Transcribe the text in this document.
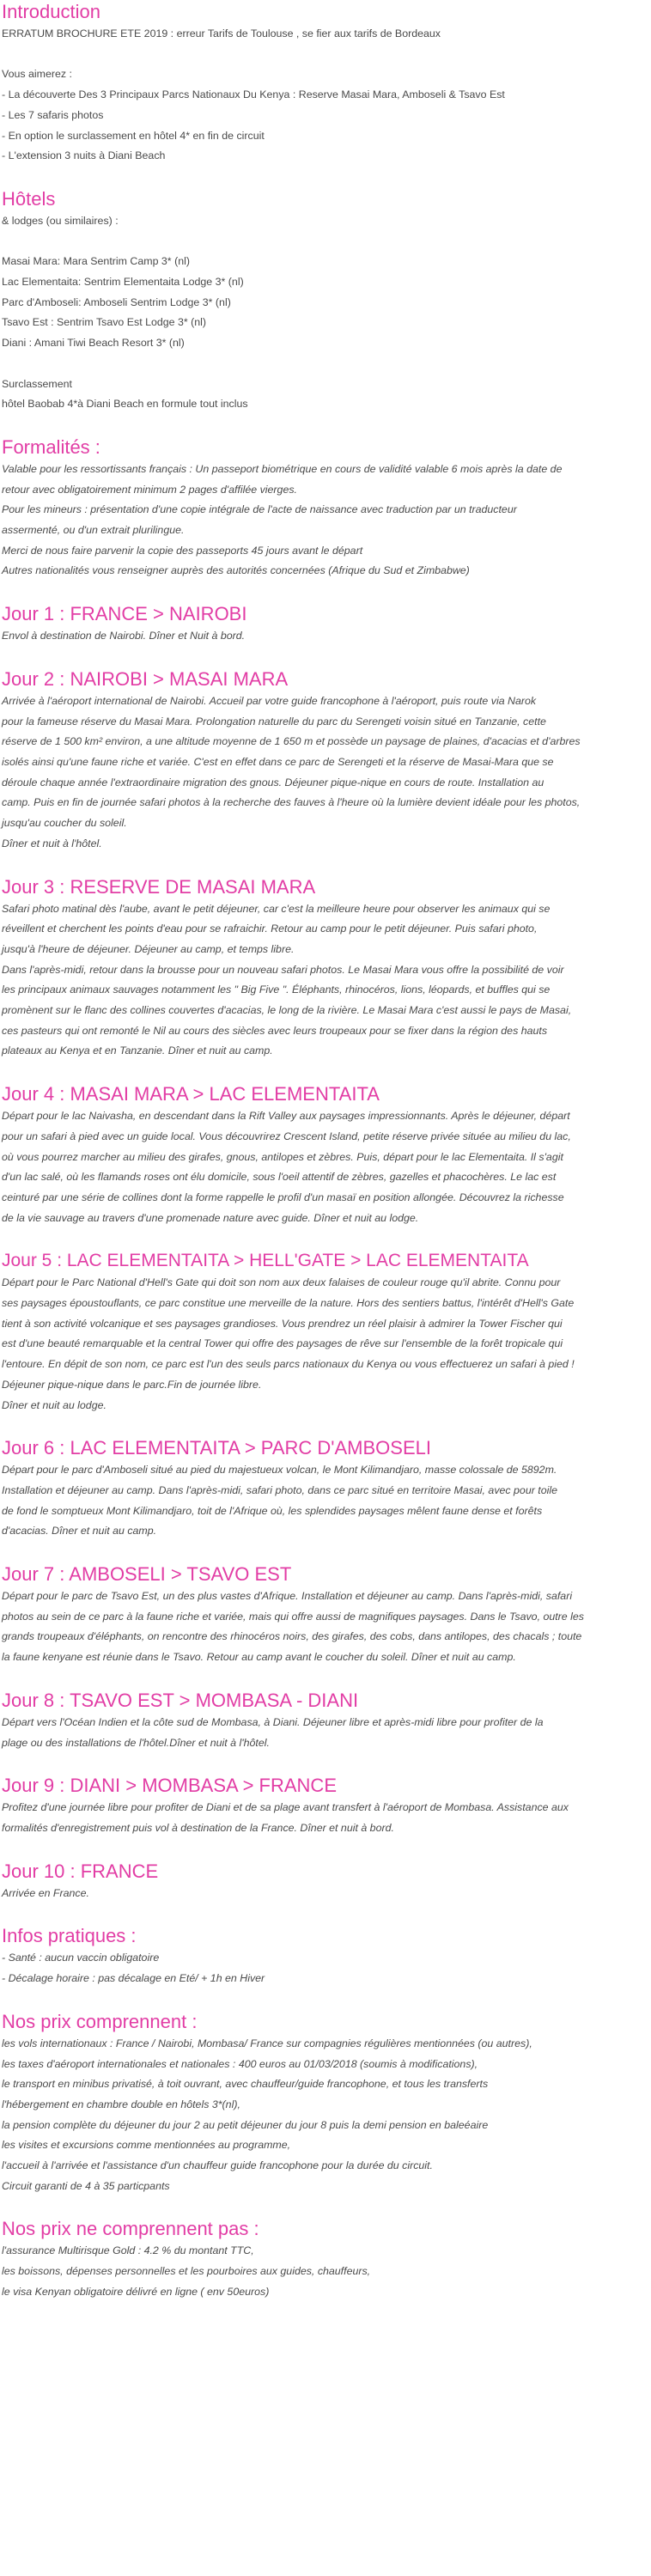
Introduction
ERRATUM BROCHURE ETE 2019 : erreur Tarifs de Toulouse , se fier aux tarifs de Bordeaux

Vous aimerez :
- La découverte Des 3 Principaux Parcs Nationaux Du Kenya : Reserve Masai Mara, Amboseli & Tsavo Est
- Les 7 safaris photos
- En option le surclassement en hôtel 4* en fin de circuit
- L'extension 3 nuits à Diani Beach
Hôtels
& lodges (ou similaires) :

Masai Mara: Mara Sentrim Camp 3* (nl)
Lac Elementaita: Sentrim Elementaita Lodge 3* (nl)
Parc d'Amboseli: Amboseli Sentrim Lodge 3* (nl)
Tsavo Est : Sentrim Tsavo Est Lodge 3* (nl)
Diani : Amani Tiwi Beach Resort 3* (nl)

Surclassement
hôtel Baobab 4*à Diani Beach en formule tout inclus
Formalités :
Valable pour les ressortissants français : Un passeport biométrique en cours de validité valable 6 mois après la date de
retour avec obligatoirement minimum 2 pages d'affilée vierges.
Pour les mineurs : présentation d'une copie intégrale de l'acte de naissance avec traduction par un traducteur
assermenté, ou d'un extrait plurilingue.
Merci de nous faire parvenir la copie des passeports 45 jours avant le départ
Autres nationalités vous renseigner auprès des autorités concernées (Afrique du Sud et Zimbabwe)
Jour 1 : FRANCE > NAIROBI
Envol à destination de Nairobi. Dîner et Nuit à bord.
Jour 2 : NAIROBI > MASAI MARA
Arrivée à l'aéroport international de Nairobi. Accueil par votre guide francophone à l'aéroport, puis route via Narok
pour la fameuse réserve du Masai Mara. Prolongation naturelle du parc du Serengeti voisin situé en Tanzanie, cette
réserve de 1 500 km² environ, a une altitude moyenne de 1 650 m et possède un paysage de plaines, d'acacias et d'arbres
isolés ainsi qu'une faune riche et variée. C'est en effet dans ce parc de Serengeti et la réserve de Masai-Mara que se
déroule chaque année l'extraordinaire migration des gnous. Déjeuner pique-nique en cours de route. Installation au
camp. Puis en fin de journée safari photos à la recherche des fauves à l'heure où la lumière devient idéale pour les photos,
jusqu'au coucher du soleil.
Dîner et nuit à l'hôtel.
Jour 3 : RESERVE DE MASAI MARA
Safari photo matinal dès l'aube, avant le petit déjeuner, car c'est la meilleure heure pour observer les animaux qui se
réveillent et cherchent les points d'eau pour se rafraichir. Retour au camp pour le petit déjeuner. Puis safari photo,
jusqu'à l'heure de déjeuner. Déjeuner au camp, et temps libre.
Dans l'après-midi, retour dans la brousse pour un nouveau safari photos. Le Masai Mara vous offre la possibilité de voir
les principaux animaux sauvages notamment les " Big Five ". Éléphants, rhinocéros, lions, léopards, et buffles qui se
promènent sur le flanc des collines couvertes d'acacias, le long de la rivière. Le Masai Mara c'est aussi le pays de Masai,
ces pasteurs qui ont remonté le Nil au cours des siècles avec leurs troupeaux pour se fixer dans la région des hauts
plateaux au Kenya et en Tanzanie. Dîner et nuit au camp.
Jour 4 : MASAI MARA > LAC ELEMENTAITA
Départ pour le lac Naivasha, en descendant dans la Rift Valley aux paysages impressionnants. Après le déjeuner, départ
pour un safari à pied avec un guide local. Vous découvrirez Crescent Island, petite réserve privée située au milieu du lac,
où vous pourrez marcher au milieu des girafes, gnous, antilopes et zèbres. Puis, départ pour le lac Elementaita. Il s'agit
d'un lac salé, où les flamands roses ont élu domicile, sous l'oeil attentif de zèbres, gazelles et phacochères. Le lac est
ceinturé par une série de collines dont la forme rappelle le profil d'un masaï en position allongée. Découvrez la richesse
de la vie sauvage au travers d'une promenade nature avec guide. Dîner et nuit au lodge.
Jour 5 : LAC ELEMENTAITA > HELL'GATE > LAC ELEMENTAITA
Départ pour le Parc National d'Hell's Gate qui doit son nom aux deux falaises de couleur rouge qu'il abrite. Connu pour
ses paysages époustouflants, ce parc constitue une merveille de la nature. Hors des sentiers battus, l'intérêt d'Hell's Gate
tient à son activité volcanique et ses paysages grandioses. Vous prendrez un réel plaisir à admirer la Tower Fischer qui
est d'une beauté remarquable et la central Tower qui offre des paysages de rêve sur l'ensemble de la forêt tropicale qui
l'entoure. En dépit de son nom, ce parc est l'un des seuls parcs nationaux du Kenya ou vous effectuerez un safari à pied !
Déjeuner pique-nique dans le parc.Fin de journée libre.
Dîner et nuit au lodge.
Jour 6 : LAC ELEMENTAITA > PARC D'AMBOSELI
Départ pour le parc d'Amboseli situé au pied du majestueux volcan, le Mont Kilimandjaro, masse colossale de 5892m.
Installation et déjeuner au camp. Dans l'après-midi, safari photo, dans ce parc situé en territoire Masai, avec pour toile
de fond le somptueux Mont Kilimandjaro, toit de l'Afrique où, les splendides paysages mêlent faune dense et forêts
d'acacias. Dîner et nuit au camp.
Jour 7 : AMBOSELI > TSAVO EST
Départ pour le parc de Tsavo Est, un des plus vastes d'Afrique. Installation et déjeuner au camp. Dans l'après-midi, safari
photos au sein de ce parc à la faune riche et variée, mais qui offre aussi de magnifiques paysages. Dans le Tsavo, outre les
grands troupeaux d'éléphants, on rencontre des rhinocéros noirs, des girafes, des cobs, dans antilopes, des chacals ; toute
la faune kenyane est réunie dans le Tsavo. Retour au camp avant le coucher du soleil. Dîner et nuit au camp.
Jour 8 : TSAVO EST > MOMBASA - DIANI
Départ vers l'Océan Indien et la côte sud de Mombasa, à Diani. Déjeuner libre et après-midi libre pour profiter de la
plage ou des installations de l'hôtel.Dîner et nuit à l'hôtel.
Jour 9 : DIANI > MOMBASA > FRANCE
Profitez d'une journée libre pour profiter de Diani et de sa plage avant transfert à l'aéroport de Mombasa. Assistance aux
formalités d'enregistrement puis vol à destination de la France. Dîner et nuit à bord.
Jour 10 : FRANCE
Arrivée en France.
Infos pratiques :
- Santé : aucun vaccin obligatoire
- Décalage horaire : pas décalage en Eté/ + 1h en Hiver
Nos prix comprennent :
les vols internationaux : France / Nairobi, Mombasa/ France sur compagnies régulières mentionnées (ou autres),
les taxes d'aéroport internationales et nationales : 400 euros au 01/03/2018 (soumis à modifications),
le transport en minibus privatisé, à toit ouvrant, avec chauffeur/guide francophone, et tous les transferts
l'hébergement en chambre double en hôtels 3*(nl),
la pension complète du déjeuner du jour 2 au petit déjeuner du jour 8 puis la demi pension en baleéaire
les visites et excursions comme mentionnées au programme,
l'accueil à l'arrivée et l'assistance d'un chauffeur guide francophone pour la durée du circuit.
Circuit garanti de 4 à 35 particpants
Nos prix ne comprennent pas :
l'assurance Multirisque Gold : 4.2 % du montant TTC,
les boissons, dépenses personnelles et les pourboires aux guides, chauffeurs,
le visa Kenyan obligatoire délivré en ligne ( env 50euros)
